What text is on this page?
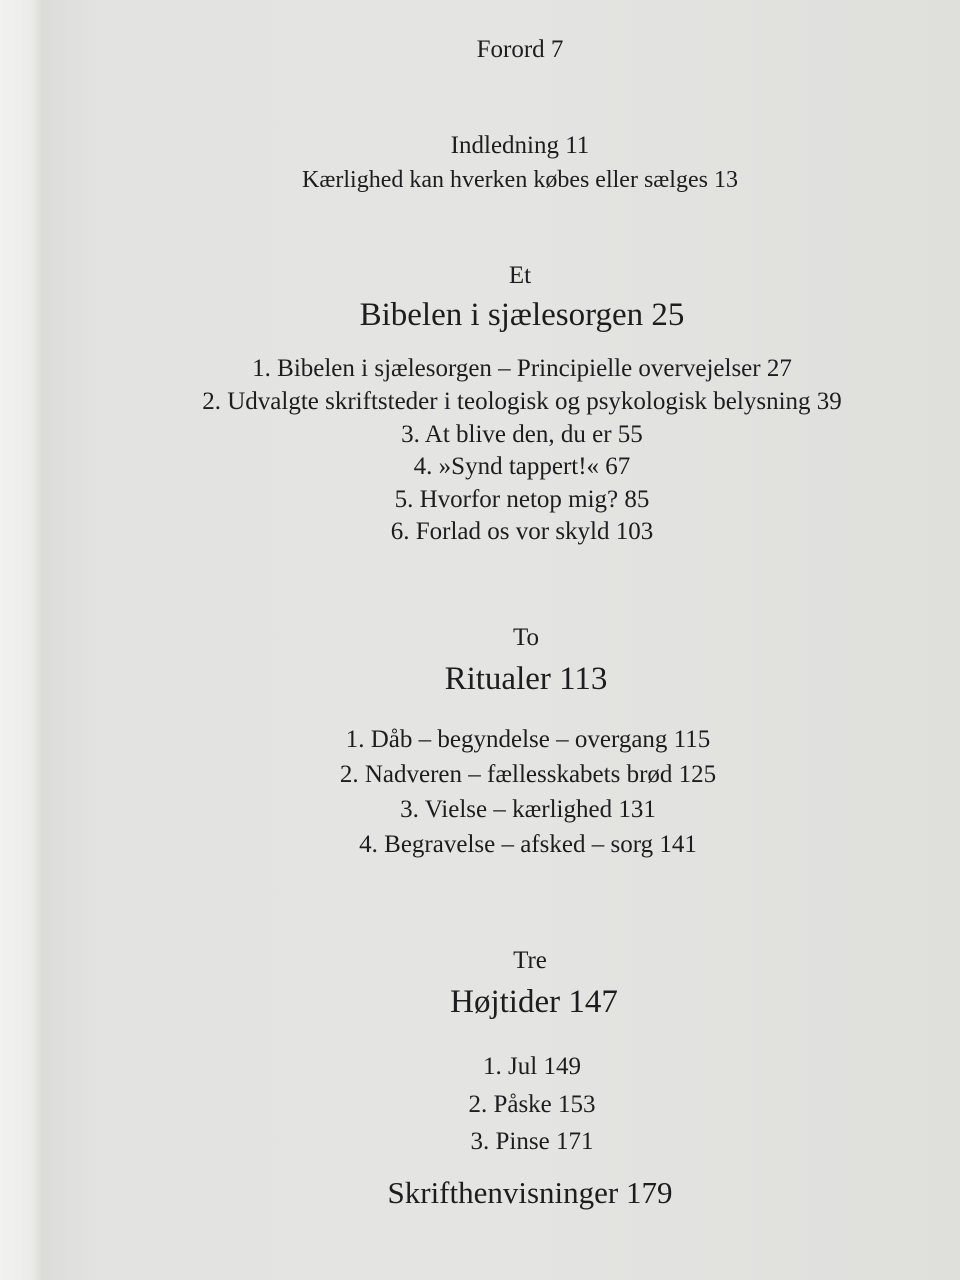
Forord 7
Indledning 11
Kærlighed kan hverken købes eller sælges 13
Et
Bibelen i sjælesorgen 25
1. Bibelen i sjælesorgen – Principielle overvejelser 27
2. Udvalgte skriftsteder i teologisk og psykologisk belysning 39
3. At blive den, du er 55
4. »Synd tappert!« 67
5. Hvorfor netop mig? 85
6. Forlad os vor skyld 103
To
Ritualer 113
1. Dåb – begyndelse – overgang 115
2. Nadveren – fællesskabets brød 125
3. Vielse – kærlighed 131
4. Begravelse – afsked – sorg 141
Tre
Højtider 147
1. Jul 149
2. Påske 153
3. Pinse 171
Skrifthenvisninger 179
